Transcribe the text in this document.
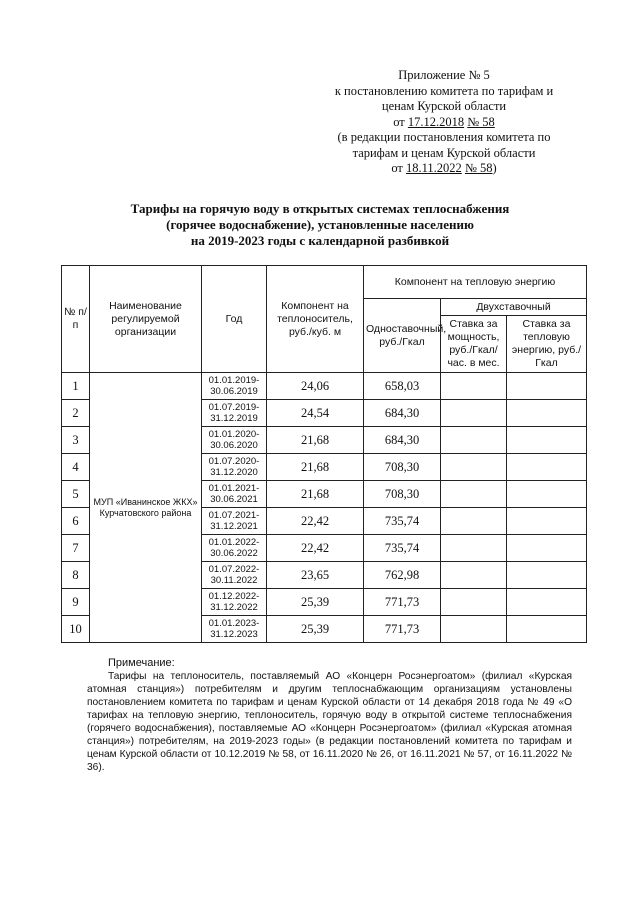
Приложение № 5
к постановлению комитета по тарифам и
ценам Курской области
от 17.12.2018 № 58
(в редакции постановления комитета по
тарифам и ценам Курской области
от 18.11.2022 № 58)
Тарифы на горячую воду в открытых системах теплоснабжения
(горячее водоснабжение), установленные населению
на 2019-2023 годы с календарной разбивкой
№ п/п	Наименование регулируемой организации	Год	Компонент на теплоноситель, руб./куб. м	Компонент на тепловую энергию		
				Одноставочный, руб./Гкал	Двухставочный	
					Ставка за мощность, руб./Гкал/ час. в мес.	Ставка за тепловую энергию, руб./Гкал
1	МУП «Иванинское ЖКХ» Курчатовского района	01.01.2019-30.06.2019	24,06	658,03		
2		01.07.2019-31.12.2019	24,54	684,30		
3		01.01.2020-30.06.2020	21,68	684,30		
4		01.07.2020-31.12.2020	21,68	708,30		
5		01.01.2021-30.06.2021	21,68	708,30		
6		01.07.2021-31.12.2021	22,42	735,74		
7		01.01.2022-30.06.2022	22,42	735,74		
8		01.07.2022-30.11.2022	23,65	762,98		
9		01.12.2022-31.12.2022	25,39	771,73		
10		01.01.2023-31.12.2023	25,39	771,73		
Примечание:

Тарифы на теплоноситель, поставляемый АО «Концерн Росэнергоатом» (филиал «Курская атомная станция») потребителям и другим теплоснабжающим организациям установлены постановлением комитета по тарифам и ценам Курской области от 14 декабря 2018 года № 49 «О тарифах на тепловую энергию, теплоноситель, горячую воду в открытой системе теплоснабжения (горячего водоснабжения), поставляемые АО «Концерн Росэнергоатом» (филиал «Курская атомная станция») потребителям, на 2019-2023 годы» (в редакции постановлений комитета по тарифам и ценам Курской области от 10.12.2019 № 58, от 16.11.2020 № 26, от 16.11.2021 № 57, от 16.11.2022 № 36).
